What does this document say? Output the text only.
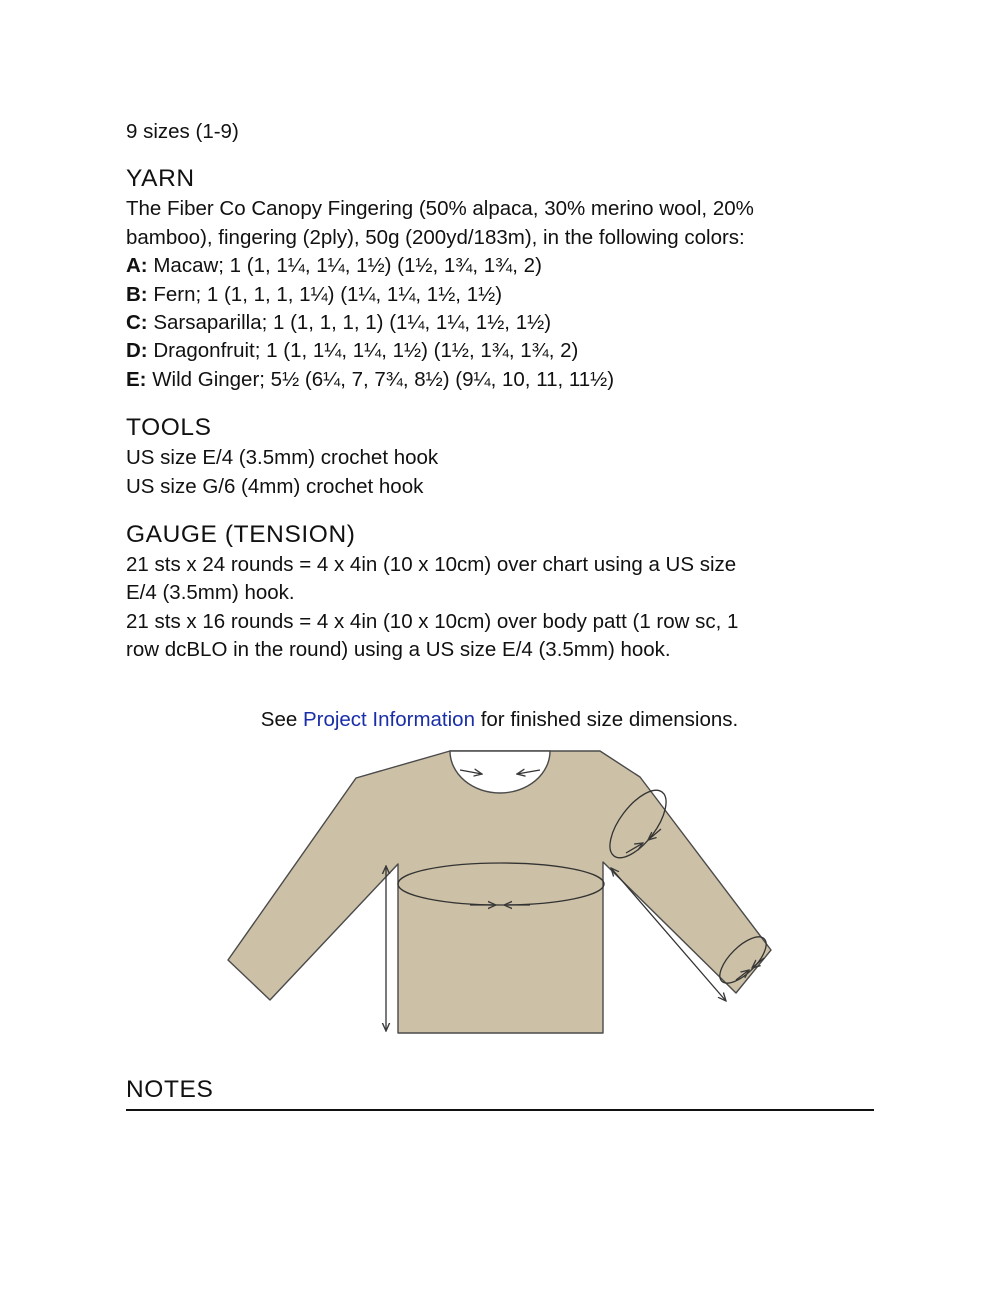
9 sizes (1-9)
YARN
The Fiber Co Canopy Fingering (50% alpaca, 30% merino wool, 20%
bamboo), fingering (2ply), 50g (200yd/183m), in the following colors:
A: Macaw; 1 (1, 1¼, 1¼, 1½) (1½, 1¾, 1¾, 2)
B: Fern; 1 (1, 1, 1, 1¼) (1¼, 1¼, 1½, 1½)
C: Sarsaparilla; 1 (1, 1, 1, 1) (1¼, 1¼, 1½, 1½)
D: Dragonfruit; 1 (1, 1¼, 1¼, 1½) (1½, 1¾, 1¾, 2)
E: Wild Ginger; 5½ (6¼, 7, 7¾, 8½) (9¼, 10, 11, 11½)
TOOLS
US size E/4 (3.5mm) crochet hook
US size G/6 (4mm) crochet hook
GAUGE (TENSION)
21 sts x 24 rounds = 4 x 4in (10 x 10cm) over chart using a US size
E/4 (3.5mm) hook.
21 sts x 16 rounds = 4 x 4in (10 x 10cm) over body patt (1 row sc, 1
row dcBLO in the round) using a US size E/4 (3.5mm) hook.
See Project Information for finished size dimensions.
NOTES
